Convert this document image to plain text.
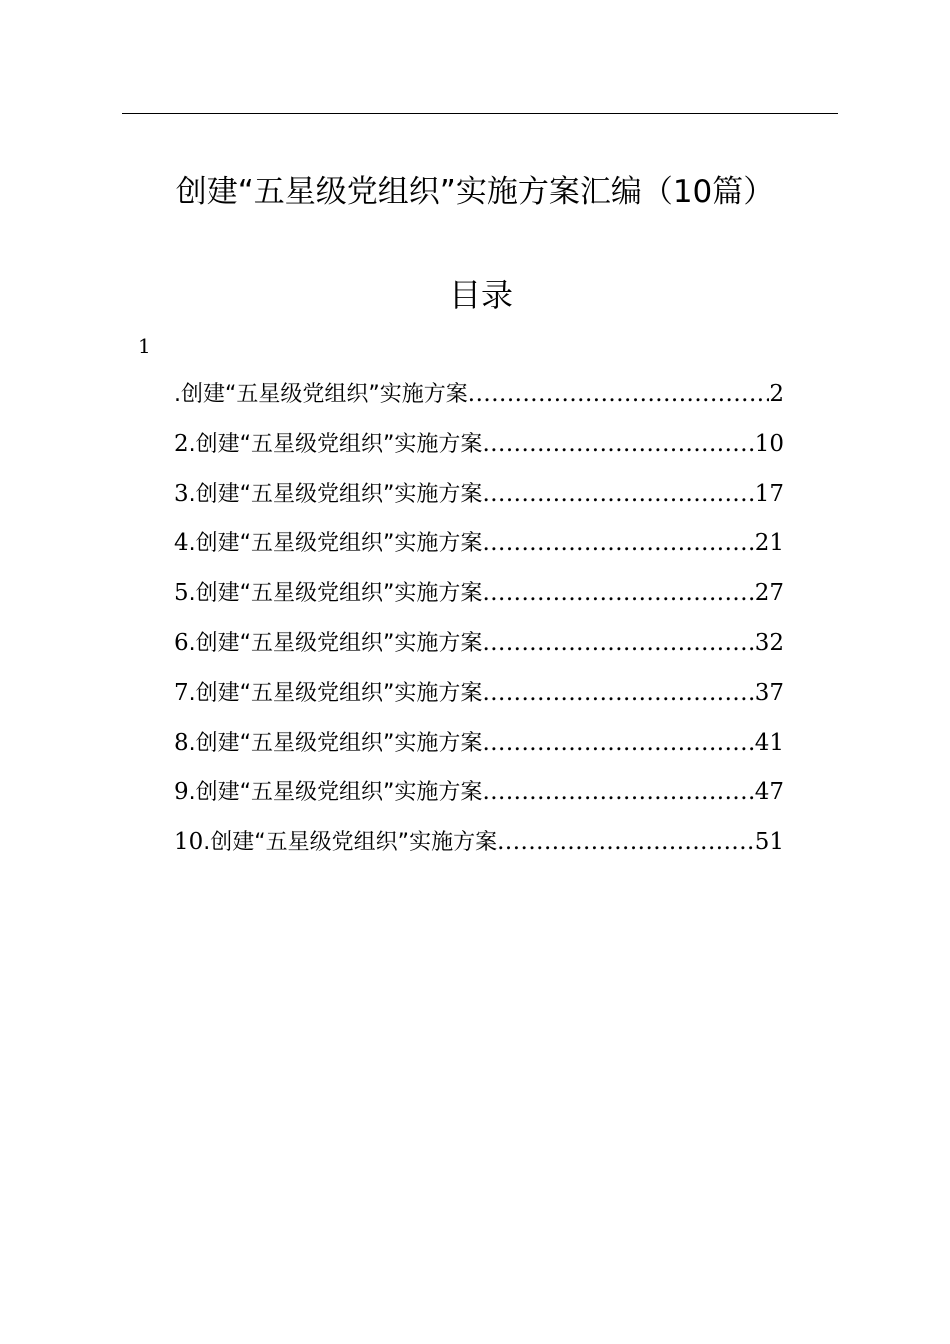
创建“五星级党组织”实施方案汇编（10篇）
目录
1
.创建“五星级党组织”实施方案 .....	2
2.创建“五星级党组织”实施方案 .....	10
3.创建“五星级党组织”实施方案 .....	17
4.创建“五星级党组织”实施方案 .....	21
5.创建“五星级党组织”实施方案 .....	27
6.创建“五星级党组织”实施方案 .....	32
7.创建“五星级党组织”实施方案 .....	37
8.创建“五星级党组织”实施方案 .....	41
9.创建“五星级党组织”实施方案 .....	47
10.创建“五星级党组织”实施方案 .....	51
